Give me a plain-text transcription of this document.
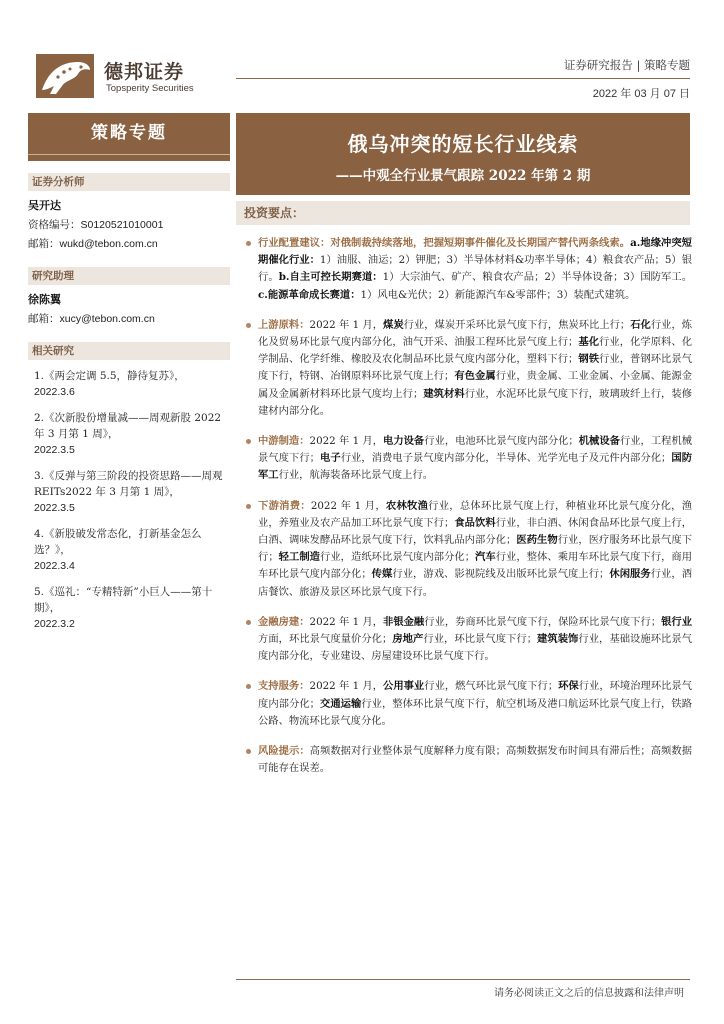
德邦证券
Topsperity Securities
证券研究报告 | 策略专题
2022 年 03 月 07 日
策略专题
证券分析师
吴开达
资格编号：S0120521010001
邮箱：wukd@tebon.com.cn
研究助理
徐陈翼
邮箱：xucy@tebon.com.cn
相关研究
1.《两会定调 5.5，静待复苏》，
2022.3.6
2.《次新股份增量减——周观新股 2022 年 3 月第 1 周》，
2022.3.5
3.《反弹与第三阶段的投资思路——周观 REITs2022 年 3 月第 1 周》，
2022.3.5
4.《新股破发常态化，打新基金怎么选？》，
2022.3.4
5.《巡礼：“专精特新”小巨人——第十期》，
2022.3.2
俄乌冲突的短长行业线索
——中观全行业景气跟踪 2022 年第 2 期
投资要点：
行业配置建议：对俄制裁持续落地，把握短期事件催化及长期国产替代两条线索。a.地缘冲突短期催化行业：1）油服、油运；2）钾肥；3）半导体材料&功率半导体；4）粮食农产品；5）银行。b.自主可控长期赛道：1）大宗油气、矿产、粮食农产品；2）半导体设备；3）国防军工。c.能源革命成长赛道：1）风电&光伏；2）新能源汽车&零部件；3）装配式建筑。
上游原料：2022 年 1 月，煤炭行业，煤炭开采环比景气度下行，焦炭环比上行；石化行业，炼化及贸易环比景气度内部分化，油气开采、油服工程环比景气度上行；基化行业，化学原料、化学制品、化学纤维、橡胶及农化制品环比景气度内部分化，塑料下行；钢铁行业，普钢环比景气度下行，特钢、冶钢原料环比景气度上行；有色金属行业，贵金属、工业金属、小金属、能源金属及金属新材料环比景气度均上行；建筑材料行业，水泥环比景气度下行，玻璃玻纤上行，装修建材内部分化。
中游制造：2022 年 1 月，电力设备行业，电池环比景气度内部分化；机械设备行业，工程机械景气度下行；电子行业，消费电子景气度内部分化，半导体、光学光电子及元件内部分化；国防军工行业，航海装备环比景气度上行。
下游消费：2022 年 1 月，农林牧渔行业，总体环比景气度上行，种植业环比景气度分化，渔业，养殖业及农产品加工环比景气度下行；食品饮料行业，非白酒、休闲食品环比景气度上行，白酒、调味发酵品环比景气度下行，饮料乳品内部分化；医药生物行业，医疗服务环比景气度下行；轻工制造行业，造纸环比景气度内部分化；汽车行业，整体、乘用车环比景气度下行，商用车环比景气度内部分化；传媒行业，游戏、影视院线及出版环比景气度上行；休闲服务行业，酒店餐饮、旅游及景区环比景气度下行。
金融房建：2022 年 1 月，非银金融行业，券商环比景气度下行，保险环比景气度下行；银行业方面，环比景气度量价分化；房地产行业，环比景气度下行；建筑装饰行业，基础设施环比景气度内部分化，专业建设、房屋建设环比景气度下行。
支持服务：2022 年 1 月，公用事业行业，燃气环比景气度下行；环保行业，环境治理环比景气度内部分化；交通运输行业，整体环比景气度下行，航空机场及港口航运环比景气度上行，铁路公路、物流环比景气度分化。
风险提示：高频数据对行业整体景气度解释力度有限；高频数据发布时间具有滞后性；高频数据可能存在误差。
请务必阅读正文之后的信息披露和法律声明
